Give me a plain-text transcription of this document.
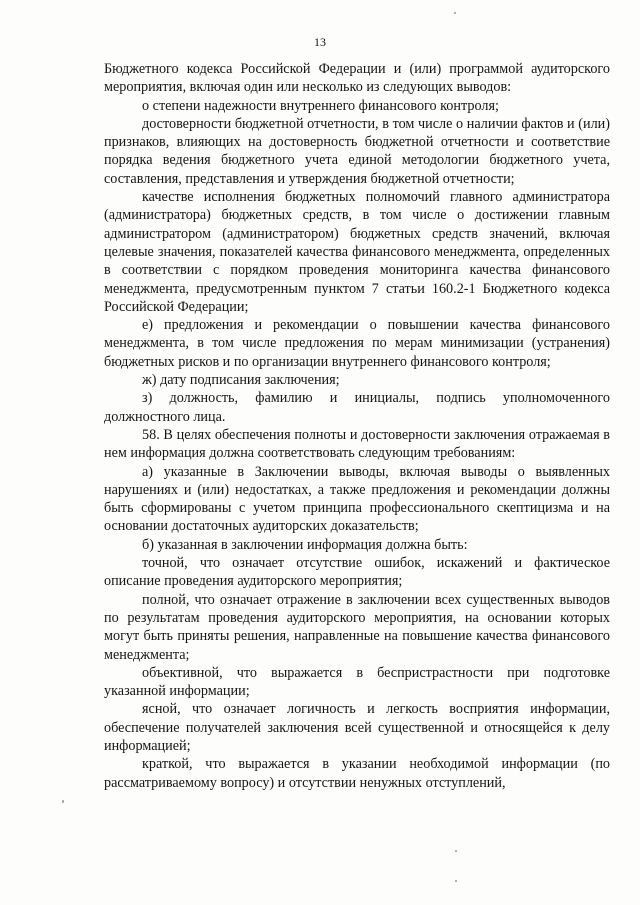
13

Бюджетного кодекса Российской Федерации и (или) программой аудиторского мероприятия, включая один или несколько из следующих выводов:

о степени надежности внутреннего финансового контроля;

достоверности бюджетной отчетности, в том числе о наличии фактов и (или) признаков, влияющих на достоверность бюджетной отчетности и соответствие порядка ведения бюджетного учета единой методологии бюджетного учета, составления, представления и утверждения бюджетной отчетности;

качестве исполнения бюджетных полномочий главного администратора (администратора) бюджетных средств, в том числе о достижении главным администратором (администратором) бюджетных средств значений, включая целевые значения, показателей качества финансового менеджмента, определенных в соответствии с порядком проведения мониторинга качества финансового менеджмента, предусмотренным пунктом 7 статьи 160.2-1 Бюджетного кодекса Российской Федерации;

е) предложения и рекомендации о повышении качества финансового менеджмента, в том числе предложения по мерам минимизации (устранения) бюджетных рисков и по организации внутреннего финансового контроля;

ж) дату подписания заключения;

з) должность, фамилию и инициалы, подпись уполномоченного должностного лица.

58. В целях обеспечения полноты и достоверности заключения отражаемая в нем информация должна соответствовать следующим требованиям:

а) указанные в Заключении выводы, включая выводы о выявленных нарушениях и (или) недостатках, а также предложения и рекомендации должны быть сформированы с учетом принципа профессионального скептицизма и на основании достаточных аудиторских доказательств;

б) указанная в заключении информация должна быть:

точной, что означает отсутствие ошибок, искажений и фактическое описание проведения аудиторского мероприятия;

полной, что означает отражение в заключении всех существенных выводов по результатам проведения аудиторского мероприятия, на основании которых могут быть приняты решения, направленные на повышение качества финансового менеджмента;

объективной, что выражается в беспристрастности при подготовке указанной информации;

ясной, что означает логичность и легкость восприятия информации, обеспечение получателей заключения всей существенной и относящейся к делу информацией;

краткой, что выражается в указании необходимой информации (по рассматриваемому вопросу) и отсутствии ненужных отступлений,
